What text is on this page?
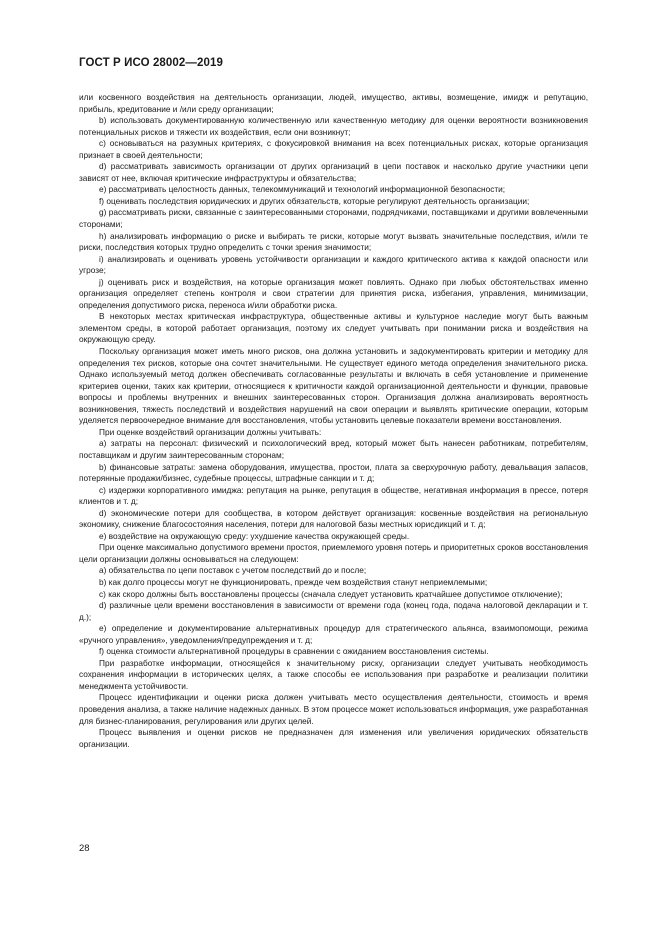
ГОСТ Р ИСО 28002—2019

или косвенного воздействия на деятельность организации, людей, имущество, активы, возмещение, имидж и репутацию, прибыль, кредитование и /или среду организации;

b) использовать документированную количественную или качественную методику для оценки вероятности возникновения потенциальных рисков и тяжести их воздействия, если они возникнут;

c) основываться на разумных критериях, с фокусировкой внимания на всех потенциальных рисках, которые организация признает в своей деятельности;

d) рассматривать зависимость организации от других организаций в цепи поставок и насколько другие участники цепи зависят от нее, включая критические инфраструктуры и обязательства;

e) рассматривать целостность данных, телекоммуникаций и технологий информационной безопасности;

f) оценивать последствия юридических и других обязательств, которые регулируют деятельность организации;

g) рассматривать риски, связанные с заинтересованными сторонами, подрядчиками, поставщиками и другими вовлеченными сторонами;

h) анализировать информацию о риске и выбирать те риски, которые могут вызвать значительные последствия, и/или те риски, последствия которых трудно определить с точки зрения значимости;

i) анализировать и оценивать уровень устойчивости организации и каждого критического актива к каждой опасности или угрозе;

j) оценивать риск и воздействия, на которые организация может повлиять. Однако при любых обстоятельствах именно организация определяет степень контроля и свои стратегии для принятия риска, избегания, управления, минимизации, определения допустимого риска, переноса и/или обработки риска.

В некоторых местах критическая инфраструктура, общественные активы и культурное наследие могут быть важным элементом среды, в которой работает организация, поэтому их следует учитывать при понимании риска и воздействия на окружающую среду.

Поскольку организация может иметь много рисков, она должна установить и задокументировать критерии и методику для определения тех рисков, которые она сочтет значительными. Не существует единого метода определения значительного риска. Однако используемый метод должен обеспечивать согласованные результаты и включать в себя установление и применение критериев оценки, таких как критерии, относящиеся к критичности каждой организационной деятельности и функции, правовые вопросы и проблемы внутренних и внешних заинтересованных сторон. Организация должна анализировать вероятность возникновения, тяжесть последствий и воздействия нарушений на свои операции и выявлять критические операции, которым уделяется первоочередное внимание для восстановления, чтобы установить целевые показатели времени восстановления.

При оценке воздействий организации должны учитывать:

a) затраты на персонал: физический и психологический вред, который может быть нанесен работникам, потребителям, поставщикам и другим заинтересованным сторонам;

b) финансовые затраты: замена оборудования, имущества, простои, плата за сверхурочную работу, девальвация запасов, потерянные продажи/бизнес, судебные процессы, штрафные санкции и т. д;

c) издержки корпоративного имиджа: репутация на рынке, репутация в обществе, негативная информация в прессе, потеря клиентов и т. д;

d) экономические потери для сообщества, в котором действует организация: косвенные воздействия на региональную экономику, снижение благосостояния населения, потери для налоговой базы местных юрисдикций и т. д;

e) воздействие на окружающую среду: ухудшение качества окружающей среды.

При оценке максимально допустимого времени простоя, приемлемого уровня потерь и приоритетных сроков восстановления цели организации должны основываться на следующем:

a) обязательства по цепи поставок с учетом последствий до и после;

b) как долго процессы могут не функционировать, прежде чем воздействия станут неприемлемыми;

c) как скоро должны быть восстановлены процессы (сначала следует установить кратчайшее допустимое отключение);

d) различные цели времени восстановления в зависимости от времени года (конец года, подача налоговой декларации и т. д.);

e) определение и документирование альтернативных процедур для стратегического альянса, взаимопомощи, режима «ручного управления», уведомления/предупреждения и т. д;

f) оценка стоимости альтернативной процедуры в сравнении с ожиданием восстановления системы.

При разработке информации, относящейся к значительному риску, организации следует учитывать необходимость сохранения информации в исторических целях, а также способы ее использования при разработке и реализации политики менеджмента устойчивости.

Процесс идентификации и оценки риска должен учитывать место осуществления деятельности, стоимость и время проведения анализа, а также наличие надежных данных. В этом процессе может использоваться информация, уже разработанная для бизнес-планирования, регулирования или других целей.

Процесс выявления и оценки рисков не предназначен для изменения или увеличения юридических обязательств организации.

28
